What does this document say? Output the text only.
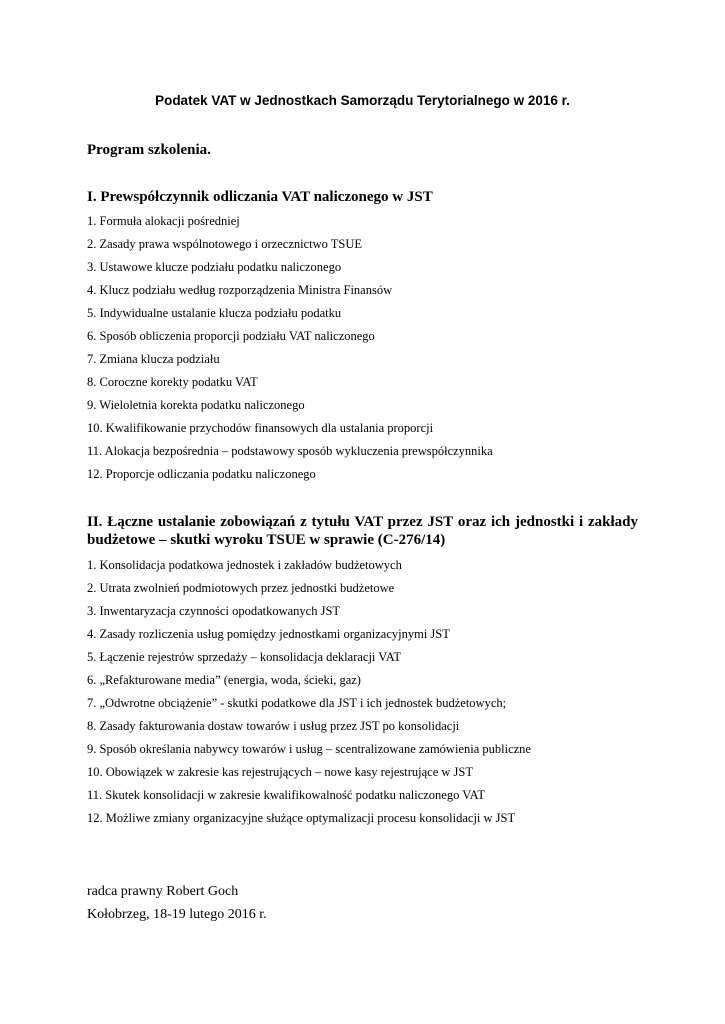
Podatek VAT w Jednostkach Samorządu Terytorialnego w 2016 r.
Program szkolenia.
I. Prewspółczynnik odliczania VAT naliczonego w JST
1. Formuła alokacji pośredniej
2. Zasady prawa wspólnotowego i orzecznictwo TSUE
3. Ustawowe klucze podziału podatku naliczonego
4. Klucz podziału według rozporządzenia Ministra Finansów
5. Indywidualne ustalanie klucza podziału podatku
6. Sposób obliczenia proporcji podziału VAT naliczonego
7. Zmiana klucza podziału
8. Coroczne korekty podatku VAT
9. Wieloletnia korekta podatku naliczonego
10. Kwalifikowanie przychodów finansowych dla ustalania proporcji
11. Alokacja bezpośrednia – podstawowy sposób wykluczenia prewspółczynnika
12. Proporcje odliczania podatku naliczonego
II. Łączne ustalanie zobowiązań z tytułu VAT przez JST oraz ich jednostki i zakłady budżetowe – skutki wyroku TSUE w sprawie (C-276/14)
1. Konsolidacja podatkowa jednostek i zakładów budżetowych
2. Utrata zwolnień podmiotowych przez jednostki budżetowe
3. Inwentaryzacja czynności opodatkowanych JST
4. Zasady rozliczenia usług pomiędzy jednostkami organizacyjnymi JST
5. Łączenie rejestrów sprzedaży – konsolidacja deklaracji VAT
6. „Refakturowane media” (energia, woda, ścieki, gaz)
7. „Odwrotne obciążenie” - skutki podatkowe dla JST i ich jednostek budżetowych;
8. Zasady fakturowania dostaw towarów i usług przez JST po konsolidacji
9. Sposób określania nabywcy towarów i usług – scentralizowane zamówienia publiczne
10. Obowiązek w zakresie kas rejestrujących – nowe kasy rejestrujące w JST
11. Skutek konsolidacji w zakresie kwalifikowalność podatku naliczonego VAT
12. Możliwe zmiany organizacyjne służące optymalizacji procesu konsolidacji w JST

radca prawny Robert Goch

Kołobrzeg, 18-19 lutego 2016 r.
